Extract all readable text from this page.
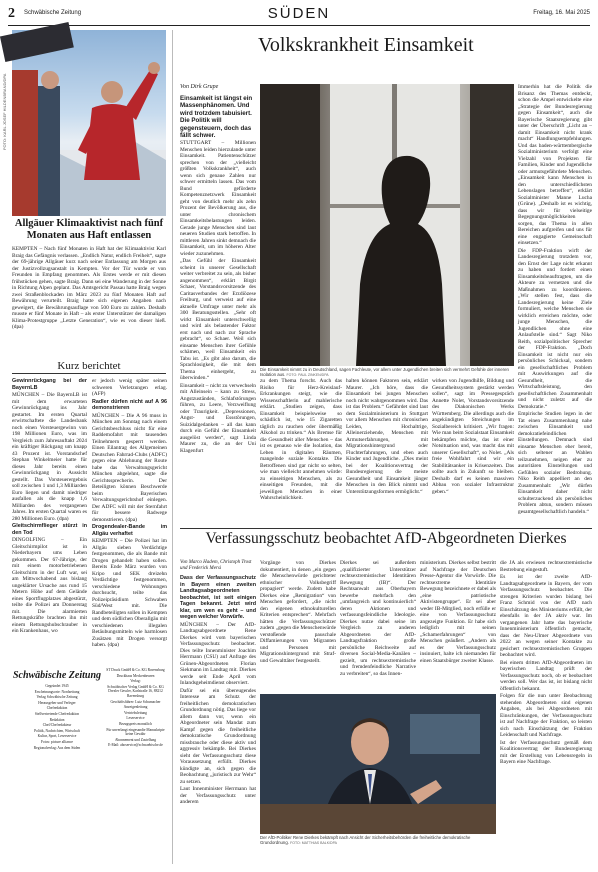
2 Schwäbische Zeitung	SÜDEN	Freitag, 16. Mai 2025
FOTO: KARL JOSEF HILDENBRAND/DPA
Allgäuer Klimaaktivist nach fünf Monaten aus Haft entlassen

KEMPTEN – Nach fünf Monaten in Haft hat der Klimaaktivist Karl Braig das Gefängnis verlassen. „Endlich Natur, endlich Freiheit“, sagte der 69-jährige Allgäuer kurz nach seiner Entlassung am Morgen aus der Justizvollzugsanstalt in Kempten. Vor der Tür wurde er von Freunden in Empfang genommen. Als Erstes werde er mit diesen frühstücken gehen, sagte Braig. Dann sei eine Wanderung in der Sonne in Richtung Alpen geplant. Das Amtsgericht Passau hatte Braig wegen zwei Straßenblockaden im März 2023 zu fünf Monaten Haft auf Bewährung verurteilt. Braig hatte sich eigenen Angaben nach geweigert, die Bewährungsauflage von 500 Euro zu zahlen. Deshalb musste er fünf Monate in Haft – als erster Unterstützer der damaligen Klima-Protestgruppe „Letzte Generation“, wie es von dieser hieß. (dpa)

Kurz berichtet

Gewinnrückgang bei der BayernLB

MÜNCHEN – Die BayernLB ist mit dem erwarteten Gewinnrückgang ins Jahr gestartet. Im ersten Quartal erwirtschaftete die Landesbank noch einen Vorsteuergewinn von 198 Millionen Euro, was im Vergleich zum Jahresauftakt 2024 ein kräftiger Rückgang um knapp 43 Prozent ist. Vorstandschef Stephan Winkelmeier hatte für dieses Jahr bereits einen Gewinnrückgang in Aussicht gestellt. Das Vorsteuerergebnis soll zwischen 1 und 1,3 Milliarden Euro liegen und damit niedriger ausfallen als die knapp 1,6 Milliarden des vergangenen Jahres. Im ersten Quartal waren es 280 Millionen Euro. (dpa)

Gleitschirmflieger stürzt in den Tod

DINGOLFING – Ein Gleitschirmpilot ist in Niederbayern ums Leben gekommen. Der 67-Jährige, der mit einem motorbetriebenen Gleitschirm in der Luft war, sei am Mittwochabend aus bislang ungeklärter Ursache aus rund 15 Metern Höhe auf dem Gelände eines Sportflugplatzes abgestürzt, teilte die Polizei am Donnerstag mit. Die alarmierten Rettungskräfte brachten ihn mit einem Rettungshubschrauber in ein Krankenhaus, wo

er jedoch wenig später seinen schweren Verletzungen erlag. (AFP)

Radler dürfen nicht auf A 96 demonstrieren

MÜNCHEN – Die A 96 muss in München am Sonntag nach einem Gerichtsbeschluss nicht für eine Raddemofahrt mit tausenden Teilnehmern gesperrt werden. Einen Eilantrag des Allgemeinen Deutschen Fahrrad-Clubs (ADFC) gegen eine Ablehnung der Route habe das Verwaltungsgericht München abgelehnt, sagte die Gerichtssprecherin. Der Beteiligten können Beschwerde beim Bayerischen Verwaltungsgerichtshof einlegen. Der ADFC will mit der Sternfahrt für bessere Radwege demonstrieren. (dpa)

Drogendealer-Bande im Allgäu verhaftet

KEMPTEN – Die Polizei hat im Allgäu sieben Verdächtige festgenommen, die als Bande mit Drogen gehandelt haben sollen. Bereits Ende März wurden von Kripo und SEK dreizehn Verdächtige festgenommen, verschiedene Wohnungen durchsucht, teilte das Polizeipräsidium Schwaben Süd/West mit. Die Randbeteiligten sollen in Kempten und dem südlichen Oberallgäu mit verschiedenen illegalen Betäubungsmitteln wie harmlosen Zusätzen mit Drogen versorgt haben. (dpa)

Schwäbische Zeitung

Gegründet 1945

Erscheinungsorte: Nordzeitung

Verlag Schwäbische Zeitung

Herausgeber und Verleger

Chefredaktion

Stellvertretende Chefredaktion

Redaktion

Chef/Chefredakteur

Politik, Nachrichten, Wirtschaft

Kultur, Sport, Leserservice

Fotos: picture alliance

Regionalverlag: Aus dem Süden

ST Druck GmbH & Co. KG Ravensburg

Druckhaus Meckenbeuren

Verlag:

Schwäbischer Verlag GmbH & Co. KG Drexler Gessler, Karlstraße 16, 88212 Ravensburg

Geschäftsführer: Lutz Schumacher

Anzeigenleitung

Vertriebsleitung

Leserservice

Bezugspreis monatlich

Für unverlangt eingesandte Manuskripte keine Gewähr

Abonnement und Zustellung

E-Mail: aboservice@schwaebische.de

Volkskrankheit Einsamkeit
Von Dirk Grupe
Einsamkeit ist längst ein Massenphänomen. Und wird trotzdem tabuisiert. Die Politik will gegensteuern, doch das fällt schwer.

STUTTGART – Millionen Menschen leiden hierzulande unter Einsamkeit. Patientenschützer sprechen von der „vielleicht größten Volkskrankheit“, auch wenn sich genaue Zahlen nur schwer ermitteln lassen. Das vom Bund geförderte Kompetenznetzwerk Einsamkeit geht von deutlich mehr als zehn Prozent der Bevölkerung aus, die unter chronischem Einsamkeitsbelastungen leiden. Gerade junge Menschen sind laut neueren Studien stark betroffen. In mittleren Jahren sinkt demnach die Einsamkeit, um im höheren Alter wieder zuzunehmen.

„Das Gefühl der Einsamkeit scheint in unserer Gesellschaft weiter verbreitet zu sein, als bisher angenommen“, erklärt Birgit Schaer, Vorstandsvorsitzende des Caritasverbandes der Erzdiözese Freiburg, und verweist auf eine aktuelle Umfrage unter mehr als 300 Beratungsstellen. „Sehr oft wirkt Einsamkeit unterschwellig und wird als belastender Faktor erst nach und nach zur Sprache gebracht“, so Schaer. Weil sich einsame Menschen ihrer Gefühle schämen, weil Einsamkeit ein Tabu ist. „Es gibt also darum, die Sprachlosigkeit, die mit dem Thema einhergeht, zu überwinden.“

Einsamkeit – nicht zu verwechseln mit Alleinsein – kann zu Stress, Angstzuständen, Schlafstörungen führen, zu Leere, Verzweiflung oder Traurigkeit. „Depressionen, Angst- und Essstörungen, Suizidalgedanken – all das kann durch ein Gefühl der Einsamkeit ausgelöst werden“, sagt Linda Maurer zu, die an der Uni Klagenfurt

Die Einsamkeit nimmt zu in Deutschland, sagen Fachleute, vor allem unter Jugendlichen breiten sich vermehrt Gefühle der inneren Isolation aus. FOTO: PAUL ZINKEN/DPA

Immerhin hat die Politik die Brisanz des Themas entdeckt, schon die Ampel entwickelte eine „Strategie der Bundesregierung gegen Einsamkeit“, auch die Bayerische Staatsregierung gibt unter der Überschrift „Licht an – damit Einsamkeit nicht krank macht“ Handlungsempfehlungen. Und das baden-württembergische Sozialministerium verfolgt eine Vielzahl von Projekten für Familien, Kinder und Jugendliche oder armutsgefährdete Menschen. „Einsamkeit kann Menschen in den unterschiedlichsten Lebenslagen betreffen“, erklärt Sozialminister Manne Lucha (Grüne). „Deshalb ist es wichtig, dass wir für vielseitige Begegnungsmöglichkeiten sorgen, das Thema in allen Bereichen aufgreifen und uns für eine engagierte Gemeinschaft einsetzen.“

Die FDP-Fraktion wirft der Landesregierung trotzdem vor, den Ernst der Lage nicht erkannt zu haben und fordert einen Einsamkeitsbeauftragten, um die Akteure zu vernetzen und die Maßnahmen zu koordinieren. „Wir stellen fest, dass die Landesregierung keine Ziele formuliert, welche Menschen sie wirklich erreichen möchte, oder junge Menschen, die Jugendlichen ohne eine Anlaufstelle sind.“ Sagt Niko Reith, sozialpolitischer Sprecher der FDP-Fraktion. „Doch Einsamkeit ist nicht nur ein persönliches Schicksal, sondern ein gesellschaftliches Problem mit Auswirkungen auf die Gesundheit, die Wirtschaftsleistung, den gesellschaftlichen Zusammenhalt und nicht zuletzt auf die Demokratie.“

Empirische Studien legen in der Tat einen Zusammenhang nahe zwischen Einsamkeit und demokratiefeindlichen Einstellungen. Demnach sind einsame Menschen eher bereit, sich seltener an Wahlen teilzunehmen, neigen eher zu autoritären Einstellungen und Gefühlen sozialer Bedrohung. Niko Reith appelliert an den Zusammenhalt: „Wir dürfen Einsamkeit daher nicht schulterzuckend als persönliches Problem abtun, sondern müssen gesamtgesellschaftlich handeln.“

zu dem Thema forscht. Auch das Risiko für Herz-Kreislauf-Erkrankungen steigt, wie die Wissenschaftlerin auf mahlerische erklärt. „Studien zeigen, dass Einsamkeit beispielsweise so schädlich ist, wie 15 Zigaretten täglich zu rauchen oder übermäßig Alkohol zu trinken.“ Als Bremse für die Gesundheit aller Menschen – das ist es genauso wie die Isolation, das Leben in digitalen Räumen, mangelnde soziale Kontakte. Die Betroffenen sind gar nicht so selten, wie man vielleicht annehmen würde: zu einseitigen Menschen, als zu einseitigen Freunden, mit die jeweiligen Menschen in einer Wahrscheinlichkeit.

halten können Faktoren sein, erklärt Maurer. „Ich höre, dass die Einsamkeit bei jungen Menschen noch nicht wahrgenommen wird. Das ist das Problem.“ Gefährdet sind laut dem Sozialministerium in Stuttgart vor allem Menschen mit chronischen Leiden, Hochaltrige, Alleinerziehende, Menschen mit Armutserfahrungen, mit Migrationshintergrund oder Fluchterfahrungen, und eben auch Kinder und Jugendliche. „Dies meint bei der Koalitionsvertrag der Bundesregierung die meiste Gesundheit und Einsamkeit jünger Menschen in den Blick nimmt und Unterstützungsformen ermöglicht.“

wirken von Jugendhilfe, Bildung und Gesundheitssystem gestärkt werden sollen“, sagt im Pressegespräch Annette Nolet, Vorstandsvorsitzende des Diakonischen Werks Württemberg. Die allerdings auch die angekündigten Streichungen im Sozialbereich kritisiert. „Wir fragen: Wie man beim Sozialstaat Einsamkeit bekämpfen möchte, das ist einer Notsituation und, was macht das mit unserer Gesellschaft“, so Nolet. „Als freie Wohlfahrt sind wir ein Stabilitätsanker in Krisenzeiten. Das sollte auch in Zukunft so bleiben. Deshalb darf es keinen massiven Abbau von sozialer Infrastruktur geben.“

Verfassungsschutz beobachtet AfD-Abgeordneten Dierkes
Von Marco Hadem, Christoph Trost und Frederick Mersi

Dass der Verfassungsschutz in Bayern einen zweiten Landtagsabgeordneten beobachtet, ist seit einigen Tagen bekannt. Jetzt wird klar, um wen es geht – und wegen welcher Vorwürfe.

MÜNCHEN – Der AfD-Landtagsabgeordnete Rene Dierkes wird vom bayerischen Verfassungsschutz beobachtet. Dies teilte Innenminister Joachim Herrmann (CSU) auf Anfrage des Grünen-Abgeordneten Florian Siekmann im Landtag mit. Dierkes werde seit Ende April vom Inlandsgeheimdienst observiert.

Dafür sei ein übereugendes Interesse am Schutz der freiheitlichen demokratischen Grundordnung nötig. Das liege vor allem dann vor, wenn ein Abgeordneter sein Mandat zum Kampf gegen die freiheitliche demokratische Grundordnung missbrauche oder diese aktiv und aggressiv bekämpfe. Bei Dierkes sieht der Verfassungsschutz diese Voraussetzung erfüllt. Dierkes kündigte an, sich gegen die Beobachtung „juristisch zur Wehr“ zu setzen.

Laut Innenminister Herrmann hat der Verfassungsschutz unter anderem

Vorgänge von Dierkes dokumentiert, in denen „ein gegen die Menschenwürde gerichteter ethnischer Volksbegriff propagiert“ werde. Zudem habe Dierkes eine „Remigration“ von Menschen gefordert, „die nicht den eigenen ethnokulturellen Kriterien entsprechen“. Mehrfach hätten die Verfassungsschützer zudem „gegen die Menschenwürde verstoßende pauschale Diffamierungen von Migranten und Personen mit Migrationshintergrund mit Straf- und Gewalttäter festgestellt.

Dierkes sei außerdem „qualifizierter Unterstützer rechtsextremistischer Identitären Bewegung (IB)“. Der Rechtsanwalt aus Oberbayern bewerbe mehrfach den „umfangreich und kontinuierlich“ deren Aktionen und verfassungsfeindliche Ideologie. Dierkes nutze dabei seine im Vergleich zu anderen Abgeordneten der AfD-Landtagsfraktion große persönliche Reichweite auf diversen Social-Media-Kanälen – gezielt, um rechtsextremistische und fremdenfeindliche Narrative zu verbreiten“, so das Innen-

ministerium. Dierkes selbst bestritt auf Nachfrage der Deutschen Presse-Agentur die Vorwürfe. Die rechtsextreme Identitäre Bewegung bezeichnete er dabei als „eine patriotische Aktivistengruppe“. Er sei aber weder IB-Mitglied, noch erfülle er eine von Verfassungsschutz angezeigte Funktion. Er habe sich lediglich mit seinen „Schamerfahrungen“ von Menschen geäußert. „Andern als es der Verfassungsschutz insinuiert, halte ich niemanden für einen Staatsbürger zweiter Klasse.

die JA als erwiesen rechtsextremistische Bestrebung eingestuft.

Es ist der zweite AfD-Landtagsabgeordnete in Bayern, der vom Verfassungsschutz beobachtet. Die strengen Kriterien wurden bislang bei Franz Schmid von der AfD nach Einschätzung des Ministeriums erfüllt, der ebenfalls in der JA aktiv war. Im vergangenen Jahr hatte das bayerische Innenministerium öffentlich gemacht, dass der Neu-Ulmer Abgeordnete von 2022 an wegen seiner Kontakte zu gesichert rechtsextremistischen Gruppen beobachtet wird.

Bei einem dritten AfD-Abgeordneten im bayerischen Landtag prüft der Verfassungsschutz noch, ob er beobachtet werden soll. Wer das ist, ist bislang nicht öffentlich bekannt.

Folgen für die nun unter Beobachtung stehenden Abgeordneten sind eigenen Angaben, als bei Abgeordneten mit Einschränkungen, der Verfassungsschutz ist auf Nachfrage der Fraktion, so leisten sich nach Einschätzung der Fraktion Leidenschaft und Nachfrage.

Ist der Verfassungsschutz gemäß dem Koalitionsvertrag der Bundesregierung mit der Erstellung von Lebensregeln in Bayern eine Nachfrage.

Der AfD-Politiker Rene Dierkes bekämpft nach Ansicht der Sicherheitsbehörden die freiheitliche demokratische Grundordnung. FOTO: MATTHIAS BALK/DPA
